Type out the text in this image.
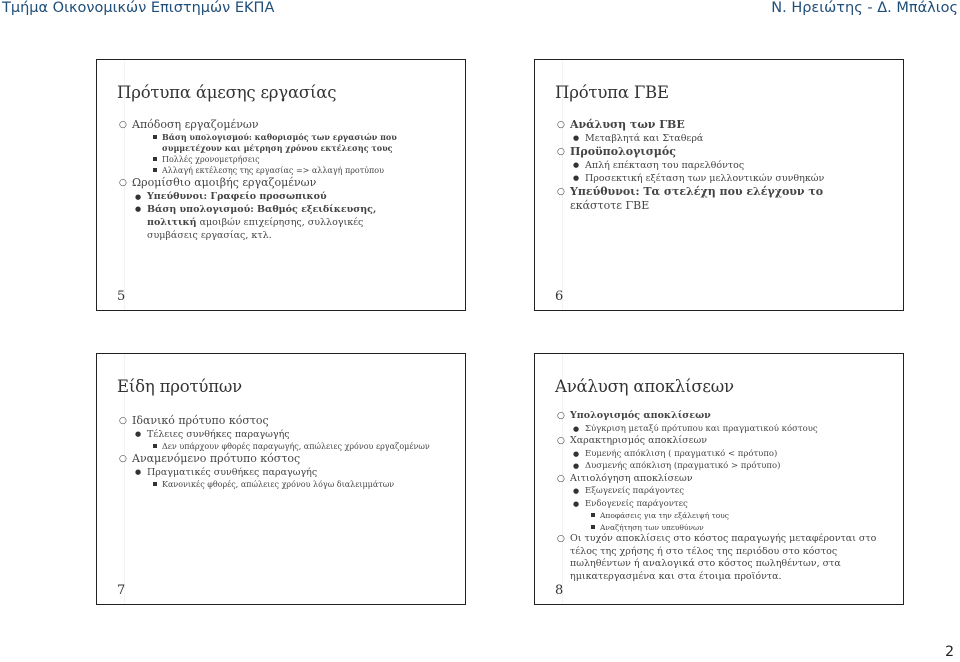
Τμήμα Οικονομικών Επιστημών ΕΚΠΑ	Ν. Ηρειώτης - Δ. Μπάλιος
Πρότυπα άμεσης εργασίας
○ Απόδοση εργαζομένων
Βάση υπολογισμού: καθορισμός των εργασιών που συμμετέχουν και μέτρηση χρόνου εκτέλεσης τους
Πολλές χρονομετρήσεις
Αλλαγή εκτέλεσης της εργασίας => αλλαγή προτύπου
○ Ωρομίσθιο αμοιβής εργαζομένων
● Υπεύθυνοι: Γραφείο προσωπικού
● Βάση υπολογισμού: Βαθμός εξειδίκευσης, πολιτική αμοιβών επιχείρησης, συλλογικές συμβάσεις εργασίας, κτλ.
5
Πρότυπα ΓΒΕ
○ Ανάλυση των ΓΒΕ
● Μεταβλητά και Σταθερά
○ Προϋπολογισμός
● Απλή επέκταση του παρελθόντος
● Προσεκτική εξέταση των μελλοντικών συνθηκών
○ Υπεύθυνοι: Τα στελέχη που ελέγχουν το εκάστοτε ΓΒΕ
6
Είδη προτύπων
○ Ιδανικό πρότυπο κόστος
● Τέλειες συνθήκες παραγωγής
Δεν υπάρχουν φθορές παραγωγής, απώλειες χρόνου εργαζομένων
○ Αναμενόμενο πρότυπο κόστος
● Πραγματικές συνθήκες παραγωγής
Κανονικές φθορές, απώλειες χρόνου λόγω διαλειμμάτων
7
Ανάλυση αποκλίσεων
○ Υπολογισμός αποκλίσεων
● Σύγκριση μεταξύ πρότυπου και πραγματικού κόστους
○ Χαρακτηρισμός αποκλίσεων
● Ευμενής απόκλιση ( πραγματικό < πρότυπο)
● Δυσμενής απόκλιση (πραγματικό > πρότυπο)
○ Αιτιολόγηση αποκλίσεων
● Εξωγενείς παράγοντες
● Ενδογενείς παράγοντες
Αποφάσεις για την εξάλειψή τους
Αναζήτηση των υπευθύνων
○ Οι τυχόν αποκλίσεις στο κόστος παραγωγής μεταφέρονται στο τέλος της χρήσης ή στο τέλος της περιόδου στο κόστος πωληθέντων ή αναλογικά στο κόστος πωληθέντων, στα ημικατεργασμένα και στα έτοιμα προϊόντα.
8
2
